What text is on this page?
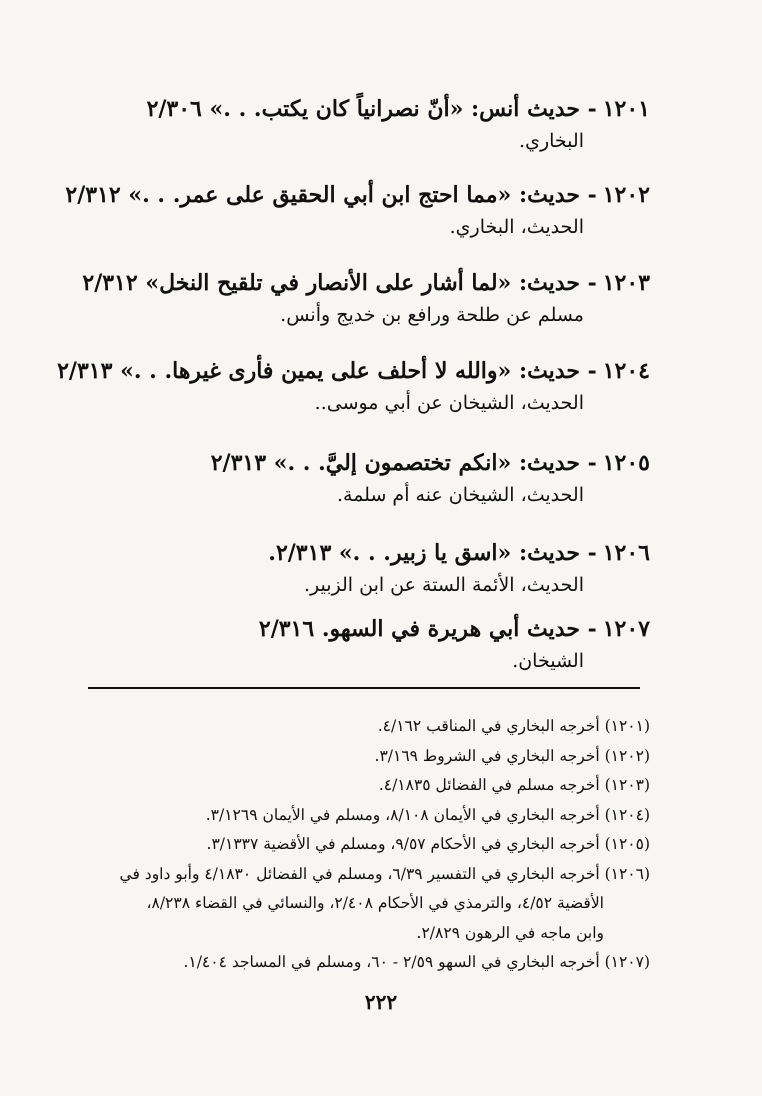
١٢٠١- حديث أنس: «أنّ نصرانياً كان يكتب. . .» ٢/٣٠٦
البخاري.
١٢٠٢- حديث: «مما احتج ابن أبي الحقيق على عمر. . .» ٢/٣١٢
الحديث، البخاري.
١٢٠٣- حديث: «لما أشار على الأنصار في تلقيح النخل» ٢/٣١٢
مسلم عن طلحة ورافع بن خديج وأنس.
١٢٠٤- حديث: «والله لا أحلف على يمين فأرى غيرها. . .» ٢/٣١٣
الحديث، الشيخان عن أبي موسى..
١٢٠٥- حديث: «انكم تختصمون إليَّ. . .» ٢/٣١٣
الحديث، الشيخان عنه أم سلمة.
١٢٠٦- حديث: «اسق يا زبير. . .» ٢/٣١٣.
الحديث، الأئمة الستة عن ابن الزبير.
١٢٠٧- حديث أبي هريرة في السهو. ٢/٣١٦
الشيخان.
(١٢٠١) أخرجه البخاري في المناقب ٤/١٦٢.
(١٢٠٢) أخرجه البخاري في الشروط ٣/١٦٩.
(١٢٠٣) أخرجه مسلم في الفضائل ٤/١٨٣٥.
(١٢٠٤) أخرجه البخاري في الأيمان ٨/١٠٨، ومسلم في الأيمان ٣/١٢٦٩.
(١٢٠٥) أخرجه البخاري في الأحكام ٩/٥٧، ومسلم في الأقضية ٣/١٣٣٧.
(١٢٠٦) أخرجه البخاري في التفسير ٦/٣٩، ومسلم في الفضائل ٤/١٨٣٠ وأبو داود في
الأقضية ٤/٥٢، والترمذي في الأحكام ٢/٤٠٨، والنسائي في القضاء ٨/٢٣٨،
وابن ماجه في الرهون ٢/٨٢٩.
(١٢٠٧) أخرجه البخاري في السهو ٢/٥٩ - ٦٠، ومسلم في المساجد ١/٤٠٤.
٢٢٢
